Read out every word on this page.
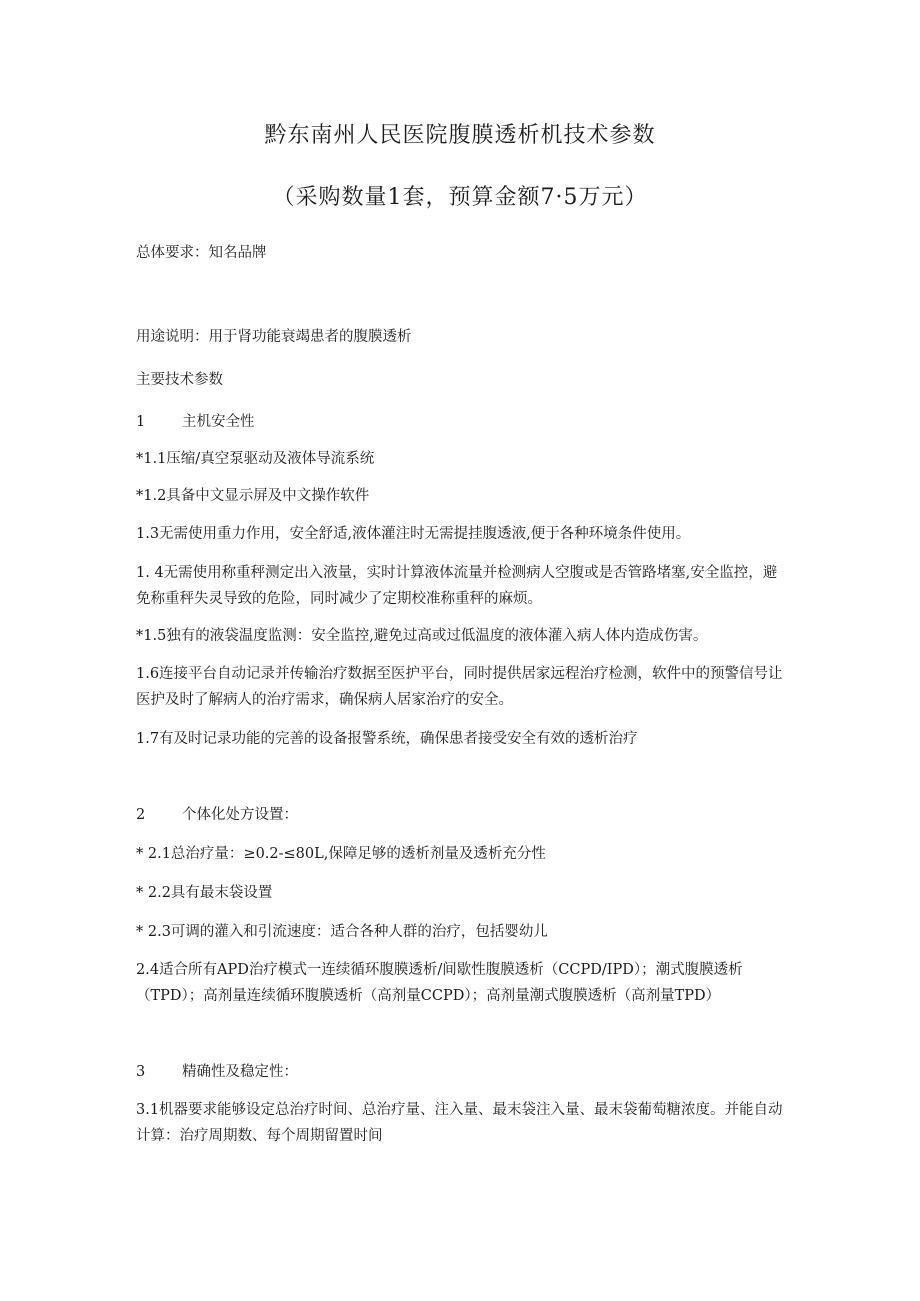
黔东南州人民医院腹膜透析机技术参数
（采购数量1套，预算金额7·5万元）
总体要求：知名品牌
用途说明：用于肾功能衰竭患者的腹膜透析
主要技术参数
1	主机安全性
*1.1压缩/真空泵驱动及液体导流系统
*1.2具备中文显示屏及中文操作软件
1.3无需使用重力作用，安全舒适,液体灌注时无需提挂腹透液,便于各种环境条件使用。
1. 4无需使用称重秤测定出入液量，实时计算液体流量并检测病人空腹或是否管路堵塞,安全监控，避免称重秤失灵导致的危险，同时减少了定期校准称重秤的麻烦。
*1.5独有的液袋温度监测：安全监控,避免过高或过低温度的液体灌入病人体内造成伤害。
1.6连接平台自动记录并传输治疗数据至医护平台，同时提供居家远程治疗检测，软件中的预警信号让医护及时了解病人的治疗需求，确保病人居家治疗的安全。
1.7有及时记录功能的完善的设备报警系统，确保患者接受安全有效的透析治疗
2	个体化处方设置：
* 2.1总治疗量：≥0.2-≤80L,保障足够的透析剂量及透析充分性
* 2.2具有最末袋设置
* 2.3可调的灌入和引流速度：适合各种人群的治疗，包括婴幼儿
2.4适合所有APD治疗模式一连续循环腹膜透析/间歇性腹膜透析（CCPD/IPD）；潮式腹膜透析（TPD）；高剂量连续循环腹膜透析（高剂量CCPD）；高剂量潮式腹膜透析（高剂量TPD）
3	精确性及稳定性：
3.1机器要求能够设定总治疗时间、总治疗量、注入量、最末袋注入量、最末袋葡萄糖浓度。并能自动计算：治疗周期数、每个周期留置时间
